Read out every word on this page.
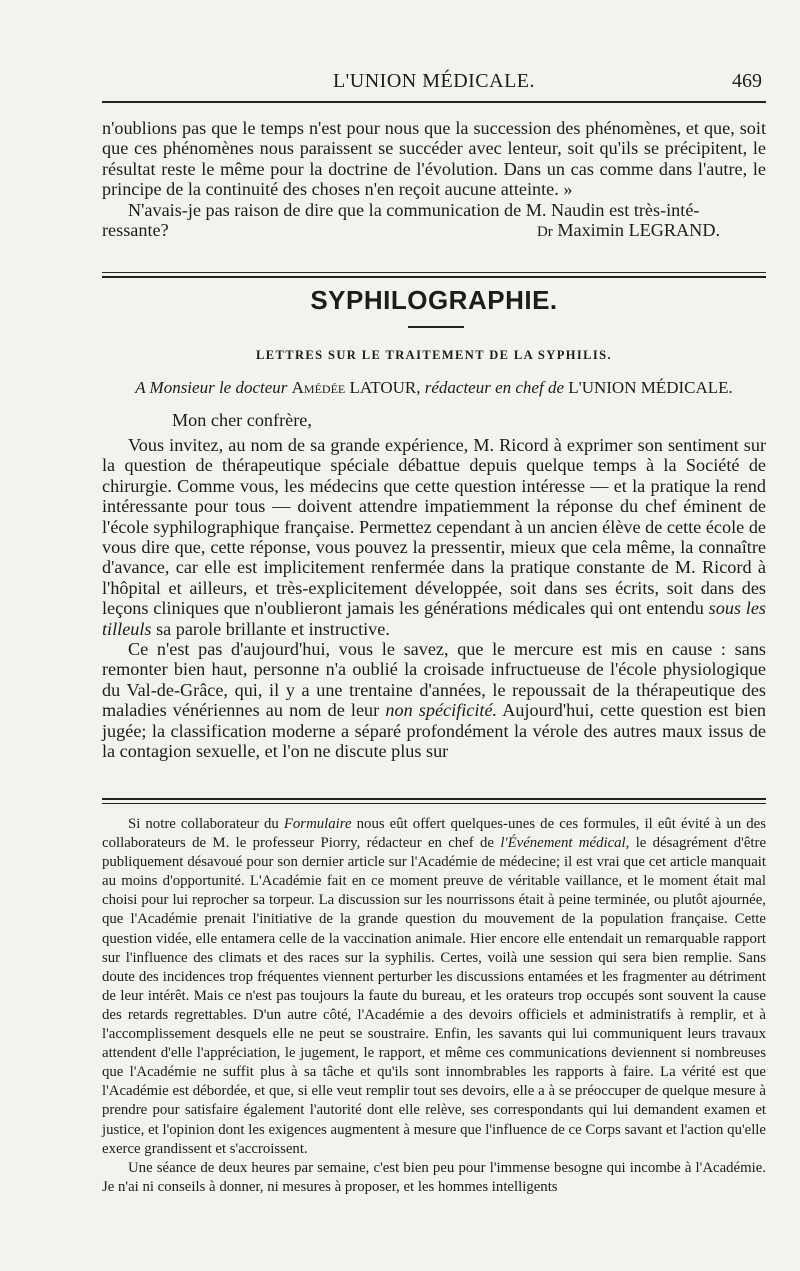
L'UNION MÉDICALE.	469

n'oublions pas que le temps n'est pour nous que la succession des phénomènes, et que, soit que ces phénomènes nous paraissent se succéder avec lenteur, soit qu'ils se précipitent, le résultat reste le même pour la doctrine de l'évolution. Dans un cas comme dans l'autre, le principe de la continuité des choses n'en reçoit aucune atteinte. »

N'avais-je pas raison de dire que la communication de M. Naudin est très-inté-

ressante?	Dr Maximin LEGRAND.
SYPHILOGRAPHIE.
LETTRES SUR LE TRAITEMENT DE LA SYPHILIS.
A Monsieur le docteur Amédée LATOUR, rédacteur en chef de L'UNION MÉDICALE.
Mon cher confrère,

Vous invitez, au nom de sa grande expérience, M. Ricord à exprimer son sentiment sur la question de thérapeutique spéciale débattue depuis quelque temps à la Société de chirurgie. Comme vous, les médecins que cette question intéresse — et la pratique la rend intéressante pour tous — doivent attendre impatiemment la réponse du chef éminent de l'école syphilographique française. Permettez cependant à un ancien élève de cette école de vous dire que, cette réponse, vous pouvez la pressentir, mieux que cela même, la connaître d'avance, car elle est implicitement renfermée dans la pratique constante de M. Ricord à l'hôpital et ailleurs, et très-explicitement développée, soit dans ses écrits, soit dans des leçons cliniques que n'oublieront jamais les générations médicales qui ont entendu sous les tilleuls sa parole brillante et instructive.

Ce n'est pas d'aujourd'hui, vous le savez, que le mercure est mis en cause : sans remonter bien haut, personne n'a oublié la croisade infructueuse de l'école physiologique du Val-de-Grâce, qui, il y a une trentaine d'années, le repoussait de la thérapeutique des maladies vénériennes au nom de leur non spécificité. Aujourd'hui, cette question est bien jugée; la classification moderne a séparé profondément la vérole des autres maux issus de la contagion sexuelle, et l'on ne discute plus sur

Si notre collaborateur du Formulaire nous eût offert quelques-unes de ces formules, il eût évité à un des collaborateurs de M. le professeur Piorry, rédacteur en chef de l'Événement médical, le désagrément d'être publiquement désavoué pour son dernier article sur l'Académie de médecine; il est vrai que cet article manquait au moins d'opportunité. L'Académie fait en ce moment preuve de véritable vaillance, et le moment était mal choisi pour lui reprocher sa torpeur. La discussion sur les nourrissons était à peine terminée, ou plutôt ajournée, que l'Académie prenait l'initiative de la grande question du mouvement de la population française. Cette question vidée, elle entamera celle de la vaccination animale. Hier encore elle entendait un remarquable rapport sur l'influence des climats et des races sur la syphilis. Certes, voilà une session qui sera bien remplie. Sans doute des incidences trop fréquentes viennent perturber les discussions entamées et les fragmenter au détriment de leur intérêt. Mais ce n'est pas toujours la faute du bureau, et les orateurs trop occupés sont souvent la cause des retards regrettables. D'un autre côté, l'Académie a des devoirs officiels et administratifs à remplir, et à l'accomplissement desquels elle ne peut se soustraire. Enfin, les savants qui lui communiquent leurs travaux attendent d'elle l'appréciation, le jugement, le rapport, et même ces communications deviennent si nombreuses que l'Académie ne suffit plus à sa tâche et qu'ils sont innombrables les rapports à faire. La vérité est que l'Académie est débordée, et que, si elle veut remplir tout ses devoirs, elle a à se préoccuper de quelque mesure à prendre pour satisfaire également l'autorité dont elle relève, ses correspondants qui lui demandent examen et justice, et l'opinion dont les exigences augmentent à mesure que l'influence de ce Corps savant et l'action qu'elle exerce grandissent et s'accroissent.

Une séance de deux heures par semaine, c'est bien peu pour l'immense besogne qui incombe à l'Académie. Je n'ai ni conseils à donner, ni mesures à proposer, et les hommes intelligents
